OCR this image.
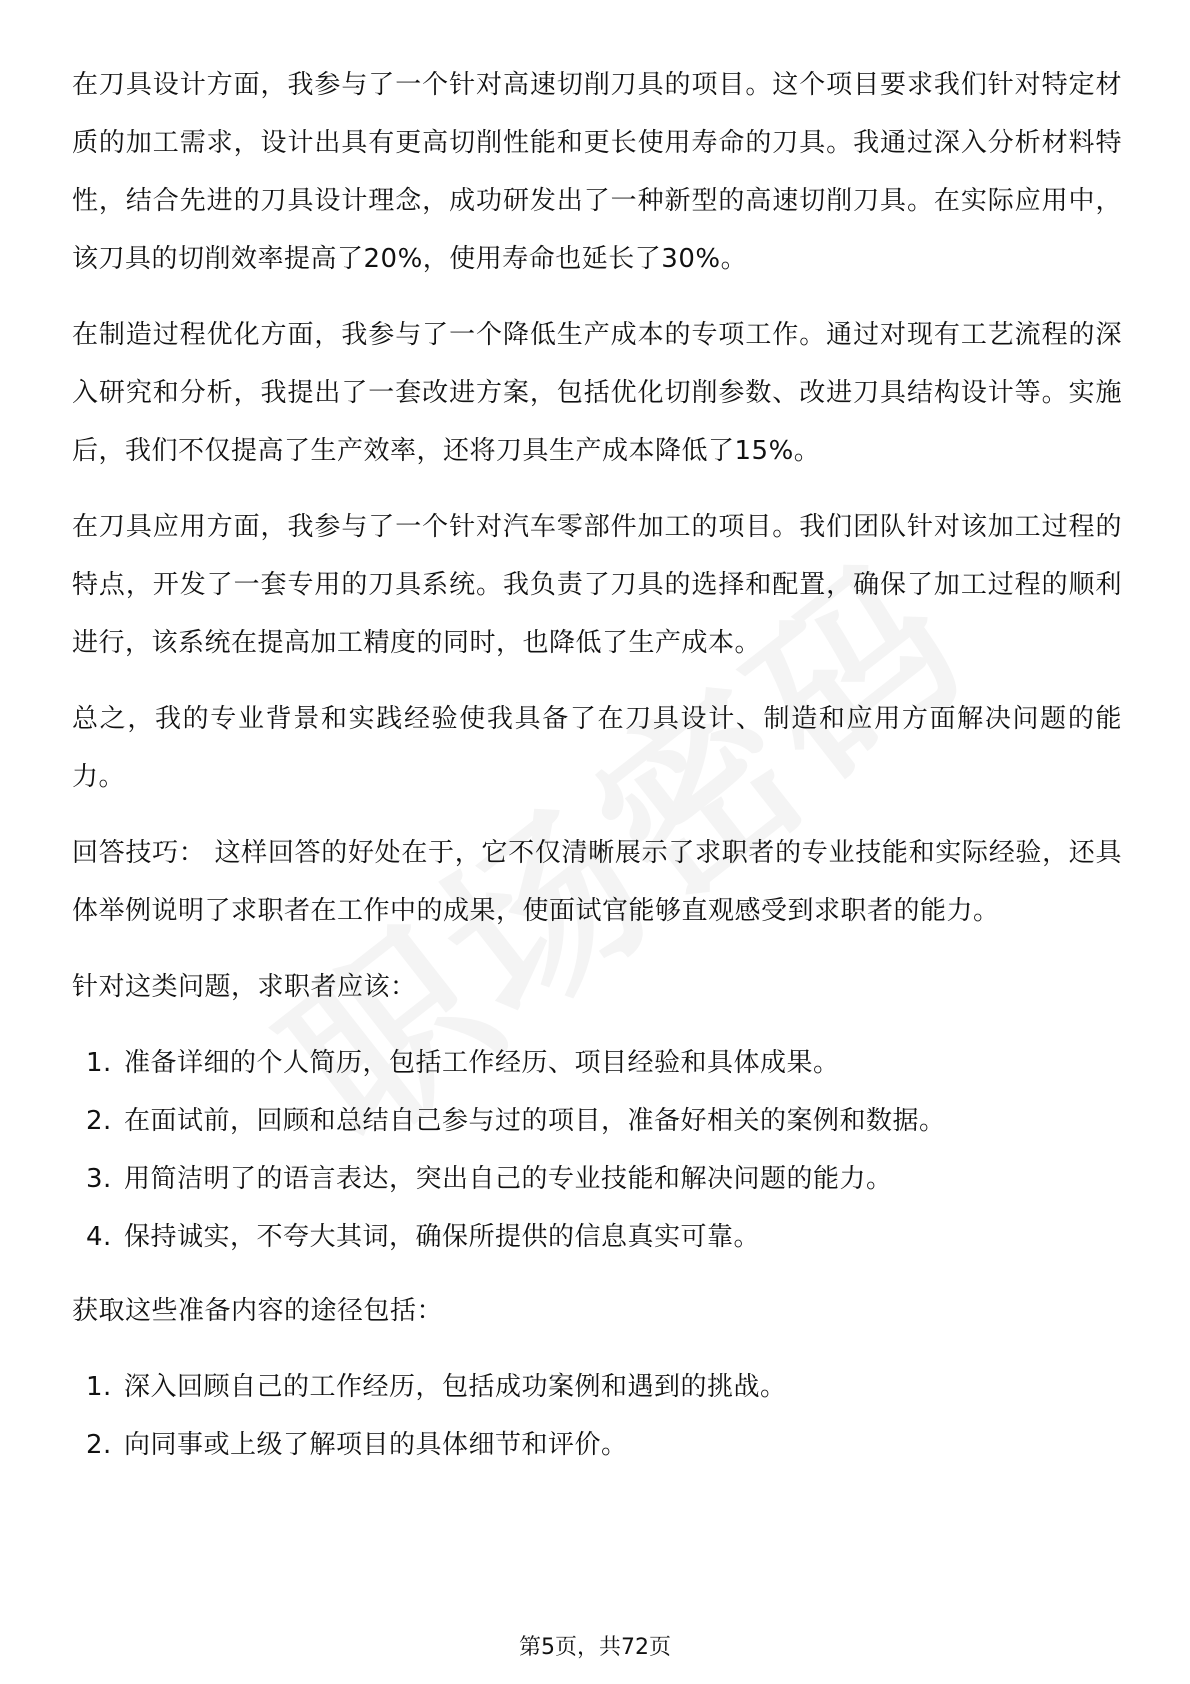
在刀具设计方面，我参与了一个针对高速切削刀具的项目。这个项目要求我们针对特定材质的加工需求，设计出具有更高切削性能和更长使用寿命的刀具。我通过深入分析材料特性，结合先进的刀具设计理念，成功研发出了一种新型的高速切削刀具。在实际应用中，该刀具的切削效率提高了20%，使用寿命也延长了30%。

在制造过程优化方面，我参与了一个降低生产成本的专项工作。通过对现有工艺流程的深入研究和分析，我提出了一套改进方案，包括优化切削参数、改进刀具结构设计等。实施后，我们不仅提高了生产效率，还将刀具生产成本降低了15%。

在刀具应用方面，我参与了一个针对汽车零部件加工的项目。我们团队针对该加工过程的特点，开发了一套专用的刀具系统。我负责了刀具的选择和配置，确保了加工过程的顺利进行，该系统在提高加工精度的同时，也降低了生产成本。

总之，我的专业背景和实践经验使我具备了在刀具设计、制造和应用方面解决问题的能力。

回答技巧： 这样回答的好处在于，它不仅清晰展示了求职者的专业技能和实际经验，还具体举例说明了求职者在工作中的成果，使面试官能够直观感受到求职者的能力。

针对这类问题，求职者应该：

1. 准备详细的个人简历，包括工作经历、项目经验和具体成果。
2. 在面试前，回顾和总结自己参与过的项目，准备好相关的案例和数据。
3. 用简洁明了的语言表达，突出自己的专业技能和解决问题的能力。
4. 保持诚实，不夸大其词，确保所提供的信息真实可靠。

获取这些准备内容的途径包括：

1. 深入回顾自己的工作经历，包括成功案例和遇到的挑战。
2. 向同事或上级了解项目的具体细节和评价。
第5页，共72页
